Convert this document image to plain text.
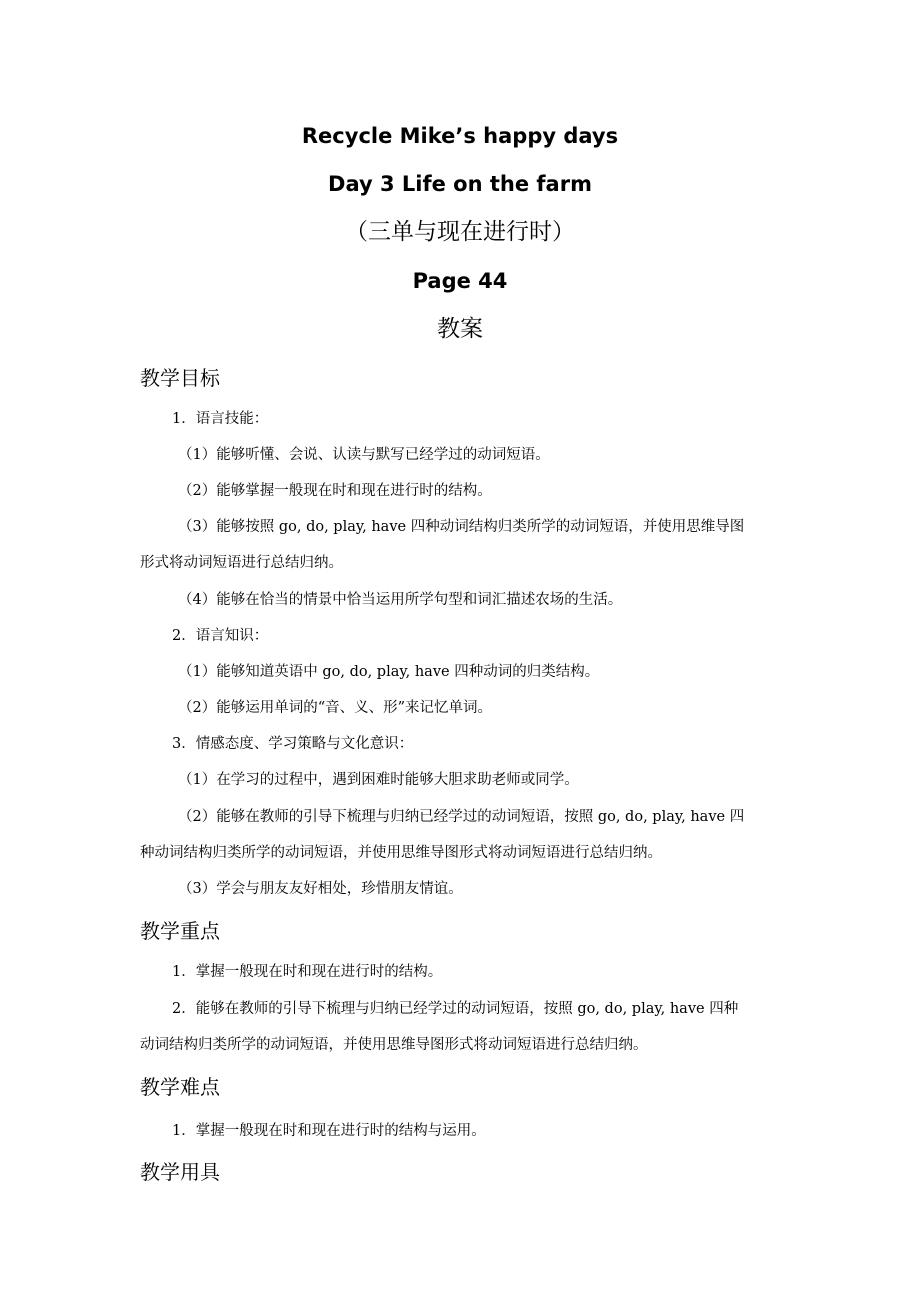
Recycle Mike’s happy days
Day 3 Life on the farm
（三单与现在进行时）
Page 44
教案
教学目标

1．语言技能：

（1）能够听懂、会说、认读与默写已经学过的动词短语。

（2）能够掌握一般现在时和现在进行时的结构。

（3）能够按照 go, do, play, have 四种动词结构归类所学的动词短语，并使用思维导图

形式将动词短语进行总结归纳。

（4）能够在恰当的情景中恰当运用所学句型和词汇描述农场的生活。

2．语言知识：

（1）能够知道英语中 go, do, play, have 四种动词的归类结构。

（2）能够运用单词的“音、义、形”来记忆单词。

3．情感态度、学习策略与文化意识：

（1）在学习的过程中，遇到困难时能够大胆求助老师或同学。

（2）能够在教师的引导下梳理与归纳已经学过的动词短语，按照 go, do, play, have 四

种动词结构归类所学的动词短语，并使用思维导图形式将动词短语进行总结归纳。

（3）学会与朋友友好相处，珍惜朋友情谊。

教学重点

1．掌握一般现在时和现在进行时的结构。

2．能够在教师的引导下梳理与归纳已经学过的动词短语，按照 go, do, play, have 四种

动词结构归类所学的动词短语，并使用思维导图形式将动词短语进行总结归纳。

教学难点

1．掌握一般现在时和现在进行时的结构与运用。

教学用具
